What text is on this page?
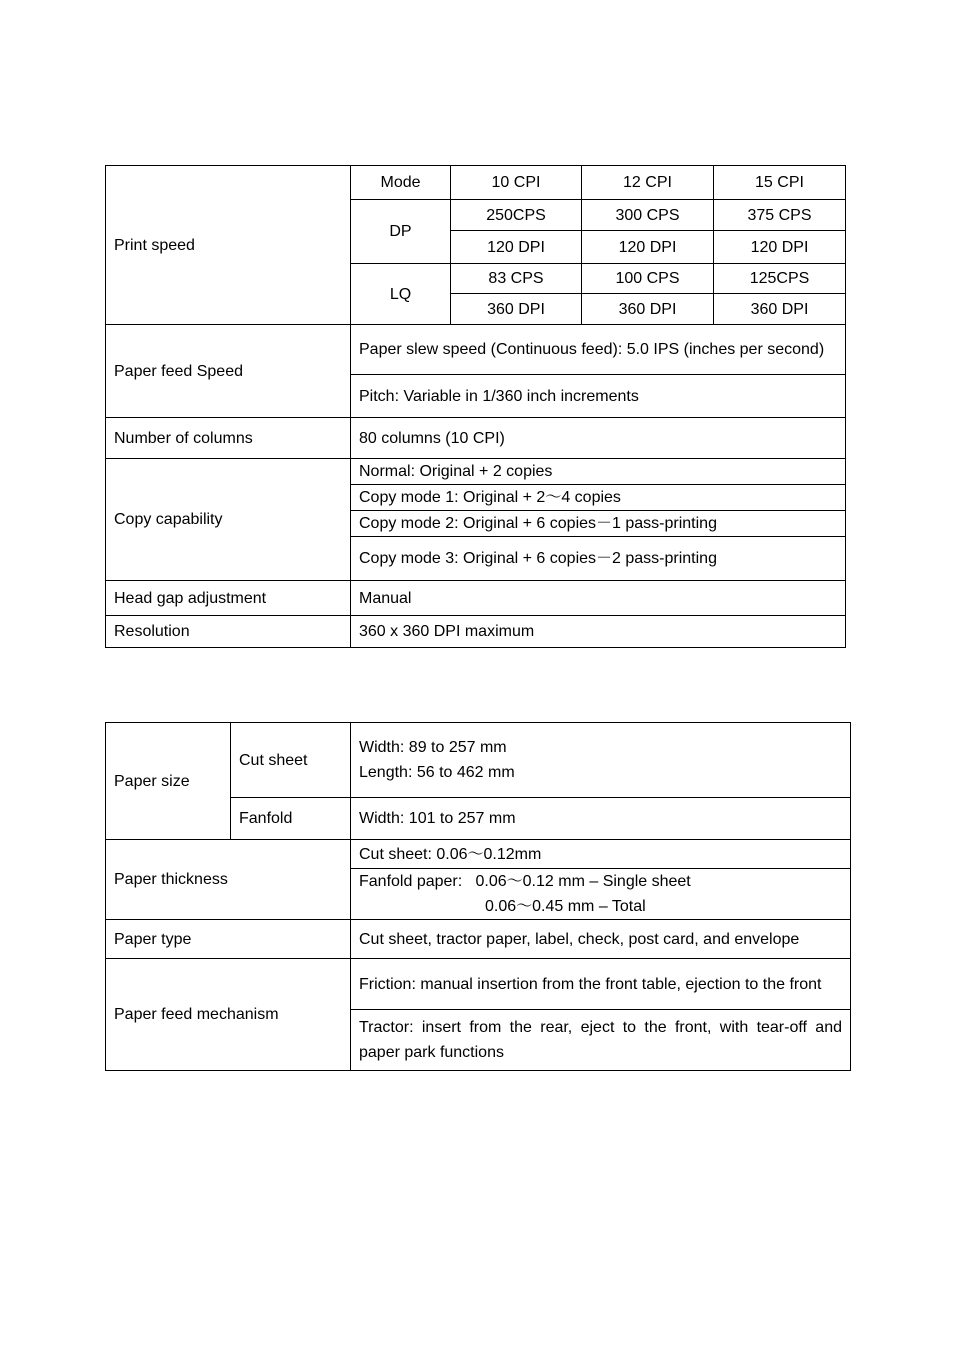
Print speed	Mode	10 CPI	12 CPI	15 CPI
	DP	250CPS	300 CPS	375 CPS
		120 DPI	120 DPI	120 DPI
	LQ	83 CPS	100 CPS	125CPS
		360 DPI	360 DPI	360 DPI
Paper feed Speed	Paper slew speed (Continuous feed): 5.0 IPS (inches per second)			
	Pitch: Variable in 1/360 inch increments			
Number of columns	80 columns (10 CPI)			
Copy capability	Normal: Original + 2 copies			
	Copy mode 1: Original + 2～4 copies			
	Copy mode 2: Original + 6 copies－1 pass-printing			
	Copy mode 3: Original + 6 copies－2 pass-printing			
Head gap adjustment	Manual			
Resolution	360 x 360 DPI maximum			
Paper size	Cut sheet	Width: 89 to 257 mm
Length: 56 to 462 mm

	Fanfold	Width: 101 to 257 mm
Paper thickness		Cut sheet: 0.06～0.12mm

		Fanfold paper:   0.06～0.12 mm – Single sheet
0.06～0.45 mm – Total

Paper type		Cut sheet, tractor paper, label, check, post card, and envelope
Paper feed mechanism		Friction: manual insertion from the front table, ejection to the front
		Tractor: insert from the rear, eject to the front, with tear-off and paper park functions
